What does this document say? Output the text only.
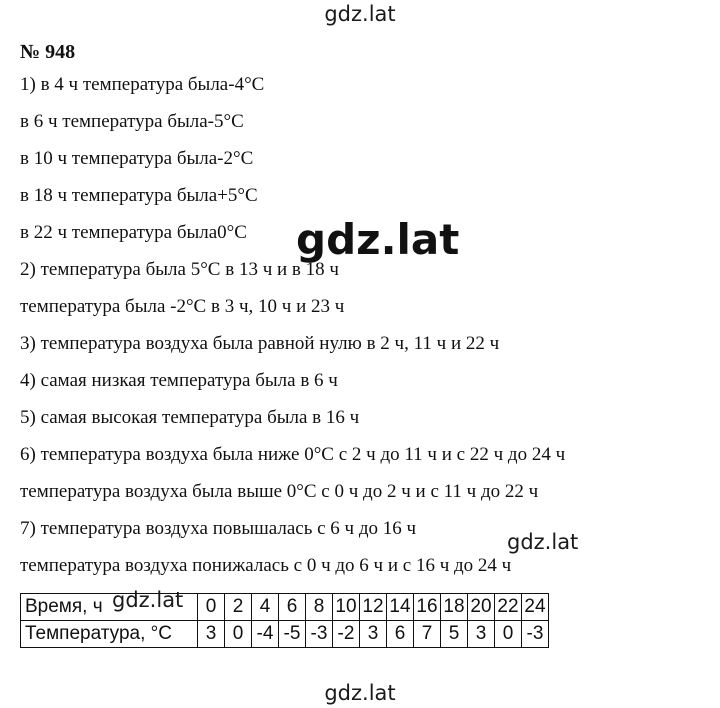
gdz.lat
№ 948
1) в 4 ч температура была-4°С
в 6 ч температура была-5°С
в 10 ч температура была-2°С
в 18 ч температура была+5°С
в 22 ч температура была0°С
2) температура была 5°С в 13 ч и в 18 ч
температура была -2°С в 3 ч, 10 ч и 23 ч
3) температура воздуха была равной нулю в 2 ч, 11 ч и 22 ч
4) самая низкая температура была в 6 ч
5) самая высокая температура была в 16 ч
6) температура воздуха была ниже 0°С с 2 ч до 11 ч и с 22 ч до 24 ч
температура воздуха была выше 0°С с 0 ч до 2 ч и с 11 ч до 22 ч
7) температура воздуха повышалась с 6 ч до 16 ч
температура воздуха понижалась с 0 ч до 6 ч и с 16 ч до 24 ч
gdz.lat
gdz.lat
Время, ч	0	2	4	6	8	10	12	14	16	18	20	22	24
Температура, °С	3	0	-4	-5	-3	-2	3	6	7	5	3	0	-3
gdz.lat
gdz.lat
